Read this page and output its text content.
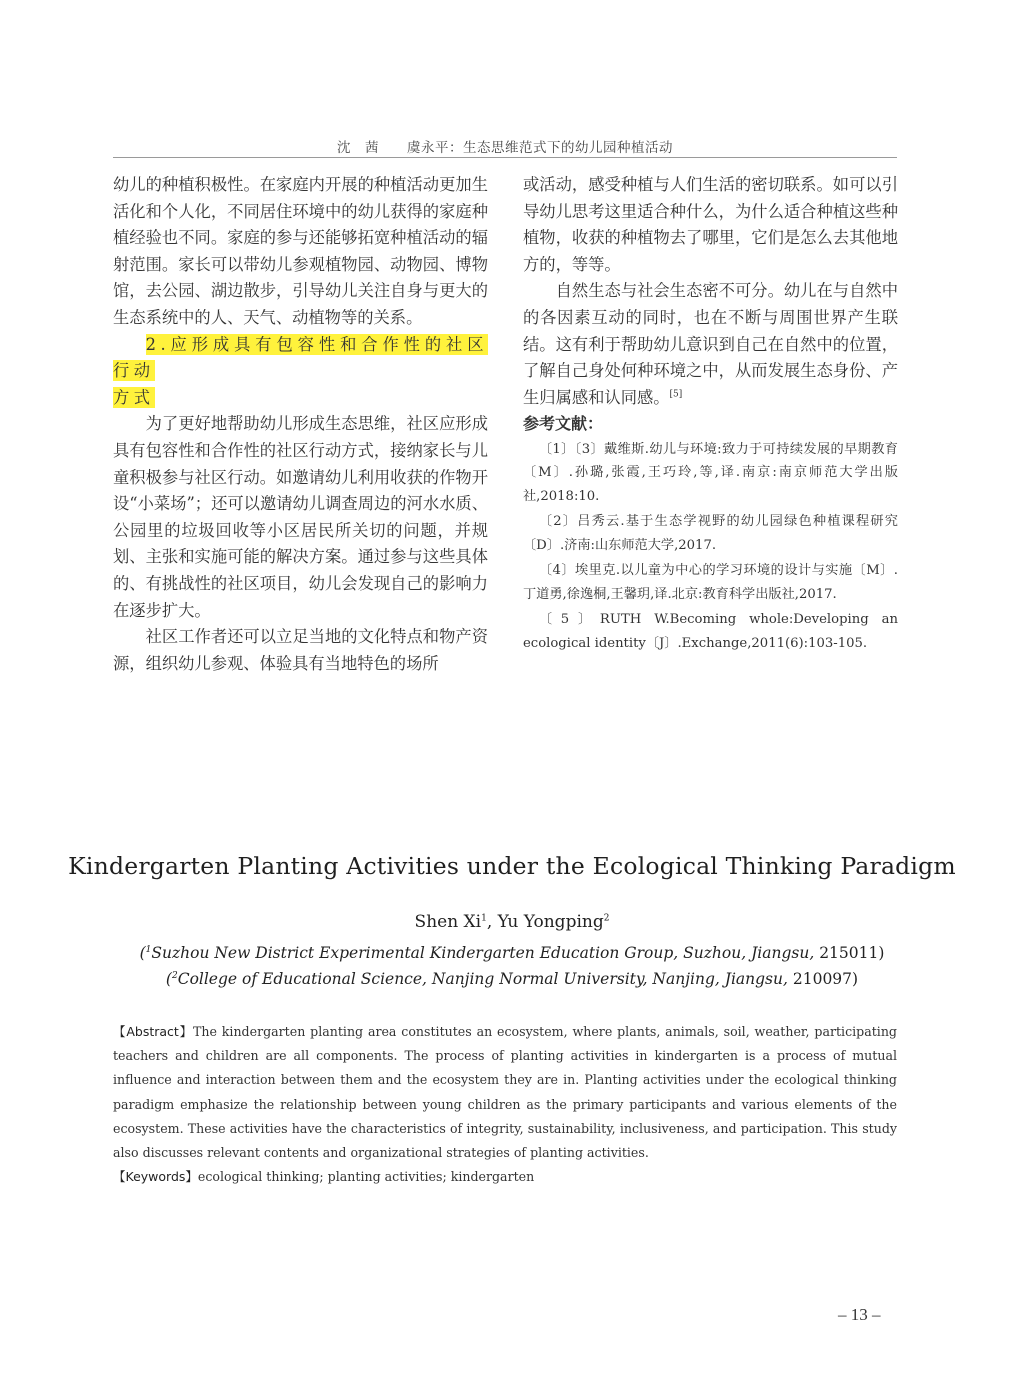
沈　茜　　虞永平：生态思维范式下的幼儿园种植活动

幼儿的种植积极性。在家庭内开展的种植活动更加生活化和个人化，不同居住环境中的幼儿获得的家庭种植经验也不同。家庭的参与还能够拓宽种植活动的辐射范围。家长可以带幼儿参观植物园、动物园、博物馆，去公园、湖边散步，引导幼儿关注自身与更大的生态系统中的人、天气、动植物等的关系。

2.应形成具有包容性和合作性的社区行动

方式

为了更好地帮助幼儿形成生态思维，社区应形成具有包容性和合作性的社区行动方式，接纳家长与儿童积极参与社区行动。如邀请幼儿利用收获的作物开设“小菜场”；还可以邀请幼儿调查周边的河水水质、公园里的垃圾回收等小区居民所关切的问题，并规划、主张和实施可能的解决方案。通过参与这些具体的、有挑战性的社区项目，幼儿会发现自己的影响力在逐步扩大。

社区工作者还可以立足当地的文化特点和物产资源，组织幼儿参观、体验具有当地特色的场所

或活动，感受种植与人们生活的密切联系。如可以引导幼儿思考这里适合种什么，为什么适合种植这些种植物，收获的种植物去了哪里，它们是怎么去其他地方的，等等。

自然生态与社会生态密不可分。幼儿在与自然中的各因素互动的同时，也在不断与周围世界产生联结。这有利于帮助幼儿意识到自己在自然中的位置，了解自己身处何种环境之中，从而发展生态身份、产生归属感和认同感。[5]

参考文献：

〔1〕〔3〕戴维斯.幼儿与环境:致力于可持续发展的早期教育〔M〕.孙璐,张霞,王巧玲,等,译.南京:南京师范大学出版社,2018:10.

〔2〕吕秀云.基于生态学视野的幼儿园绿色种植课程研究〔D〕.济南:山东师范大学,2017.

〔4〕埃里克.以儿童为中心的学习环境的设计与实施〔M〕.丁道勇,徐逸桐,王馨玥,译.北京:教育科学出版社,2017.

〔5〕RUTH W.Becoming whole:Developing an ecological identity〔J〕.Exchange,2011(6):103-105.

Kindergarten Planting Activities under the Ecological Thinking Paradigm
Shen Xi$^1$, Yu Yongping$^2$
($^1$Suzhou New District Experimental Kindergarten Education Group, Suzhou, Jiangsu, 215011)
($^2$College of Educational Science, Nanjing Normal University, Nanjing, Jiangsu, 210097)

【Abstract】The kindergarten planting area constitutes an ecosystem, where plants, animals, soil, weather, participating teachers and children are all components. The process of planting activities in kindergarten is a process of mutual influence and interaction between them and the ecosystem they are in. Planting activities under the ecological thinking paradigm emphasize the relationship between young children as the primary participants and various elements of the ecosystem. These activities have the characteristics of integrity, sustainability, inclusiveness, and participation. This study also discusses relevant contents and organizational strategies of planting activities.

【Keywords】ecological thinking; planting activities; kindergarten

– 13 –
